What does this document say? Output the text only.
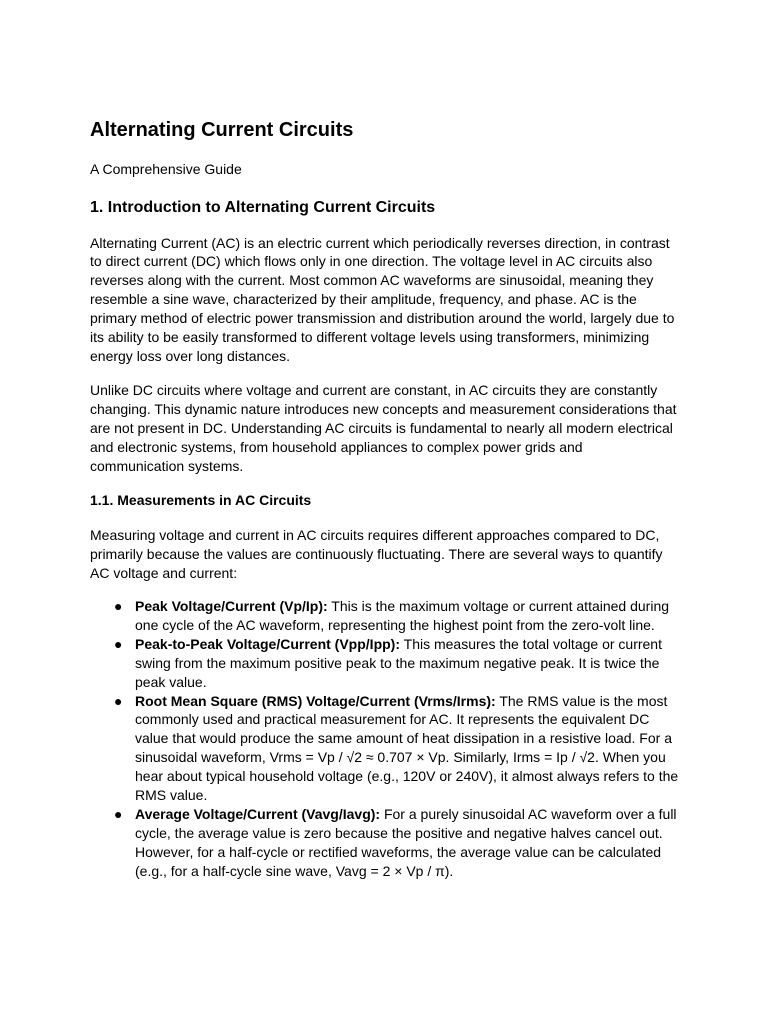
Alternating Current Circuits

A Comprehensive Guide

1. Introduction to Alternating Current Circuits

Alternating Current (AC) is an electric current which periodically reverses direction, in contrast to direct current (DC) which flows only in one direction. The voltage level in AC circuits also reverses along with the current. Most common AC waveforms are sinusoidal, meaning they resemble a sine wave, characterized by their amplitude, frequency, and phase. AC is the primary method of electric power transmission and distribution around the world, largely due to its ability to be easily transformed to different voltage levels using transformers, minimizing energy loss over long distances.

Unlike DC circuits where voltage and current are constant, in AC circuits they are constantly changing. This dynamic nature introduces new concepts and measurement considerations that are not present in DC. Understanding AC circuits is fundamental to nearly all modern electrical and electronic systems, from household appliances to complex power grids and communication systems.

1.1. Measurements in AC Circuits

Measuring voltage and current in AC circuits requires different approaches compared to DC, primarily because the values are continuously fluctuating. There are several ways to quantify AC voltage and current:

● Peak Voltage/Current (Vp/Ip): This is the maximum voltage or current attained during one cycle of the AC waveform, representing the highest point from the zero-volt line.
● Peak-to-Peak Voltage/Current (Vpp/Ipp): This measures the total voltage or current swing from the maximum positive peak to the maximum negative peak. It is twice the peak value.
● Root Mean Square (RMS) Voltage/Current (Vrms/Irms): The RMS value is the most commonly used and practical measurement for AC. It represents the equivalent DC value that would produce the same amount of heat dissipation in a resistive load. For a sinusoidal waveform, Vrms = Vp / √2 ≈ 0.707 × Vp. Similarly, Irms = Ip / √2. When you hear about typical household voltage (e.g., 120V or 240V), it almost always refers to the RMS value.
● Average Voltage/Current (Vavg/Iavg): For a purely sinusoidal AC waveform over a full cycle, the average value is zero because the positive and negative halves cancel out. However, for a half-cycle or rectified waveforms, the average value can be calculated (e.g., for a half-cycle sine wave, Vavg = 2 × Vp / π).
